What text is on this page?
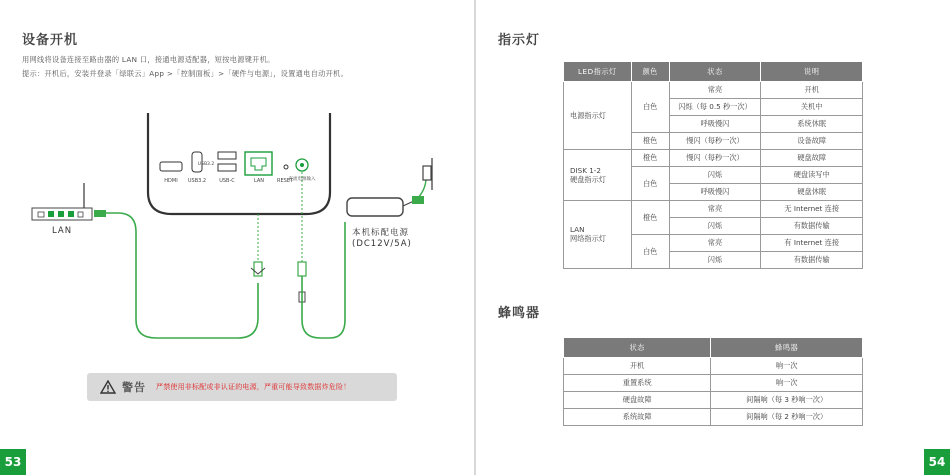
设备开机
用网线将设备连接至路由器的 LAN 口，接通电源适配器，短按电源键开机。
提示：开机后，安装并登录「绿联云」App >「控制面板」>「硬件与电源」，设置通电自动开机。
USB3.2
HDMI	USB3.2	USB-C	LAN	RESET
直流电源输入
LAN	本机标配电源
(DC12V/5A)
警告 严禁使用非标配或非认证的电源，严重可能导致数据炸危险！
53
指示灯
LED指示灯	颜色	状态	说明
电源指示灯	白色	常亮	开机
		闪烁（每 0.5 秒一次）	关机中
		呼吸慢闪	系统休眠
	橙色	慢闪（每秒一次）	设备故障

DISK 1-2
硬盘指示灯	橙色	慢闪（每秒一次）	硬盘故障
	白色	闪烁	硬盘读写中
		呼吸慢闪	硬盘休眠

LAN
网络指示灯	橙色	常亮	无 Internet 连接
		闪烁	有数据传输
	白色	常亮	有 Internet 连接
		闪烁	有数据传输
蜂鸣器
状态	蜂鸣器
开机	响一次
重置系统	响一次
硬盘故障	间隔响（每 3 秒响一次）
系统故障	间隔响（每 2 秒响一次）
54
